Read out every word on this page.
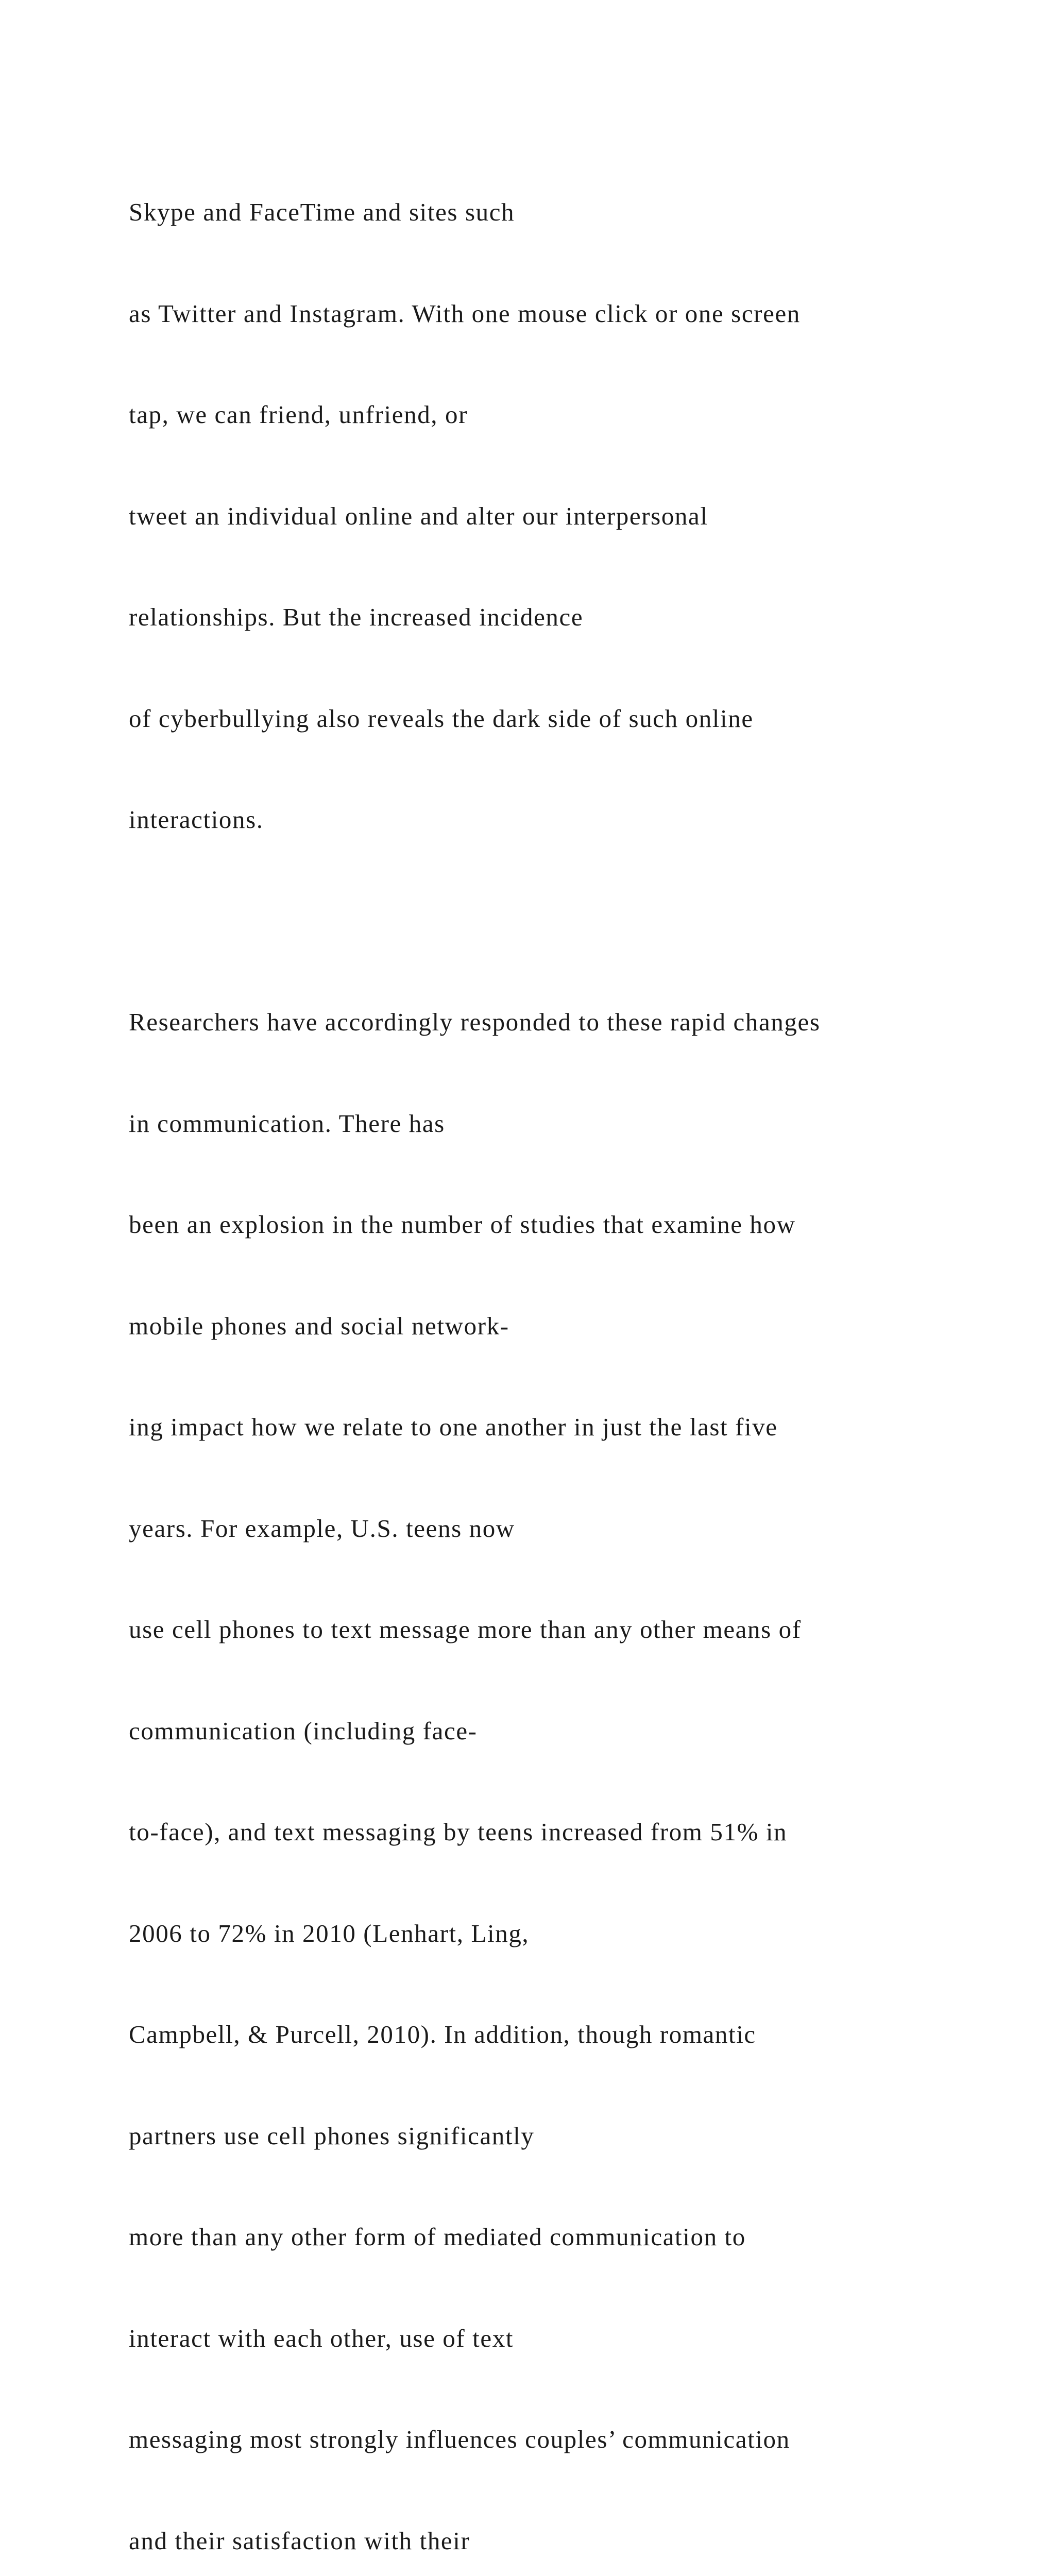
Skype and FaceTime and sites such

as Twitter and Instagram. With one mouse click or one screen

tap, we can friend, unfriend, or

tweet an individual online and alter our interpersonal

relationships. But the increased incidence

of cyberbullying also reveals the dark side of such online

interactions.

Researchers have accordingly responded to these rapid changes

in communication. There has

been an explosion in the number of studies that examine how

mobile phones and social network-

ing impact how we relate to one another in just the last five

years. For example, U.S. teens now

use cell phones to text message more than any other means of

communication (including face-

to-face), and text messaging by teens increased from 51% in

2006 to 72% in 2010 (Lenhart, Ling,

Campbell, & Purcell, 2010). In addition, though romantic

partners use cell phones significantly

more than any other form of mediated communication to

interact with each other, use of text

messaging most strongly influences couples’ communication

and their satisfaction with their
